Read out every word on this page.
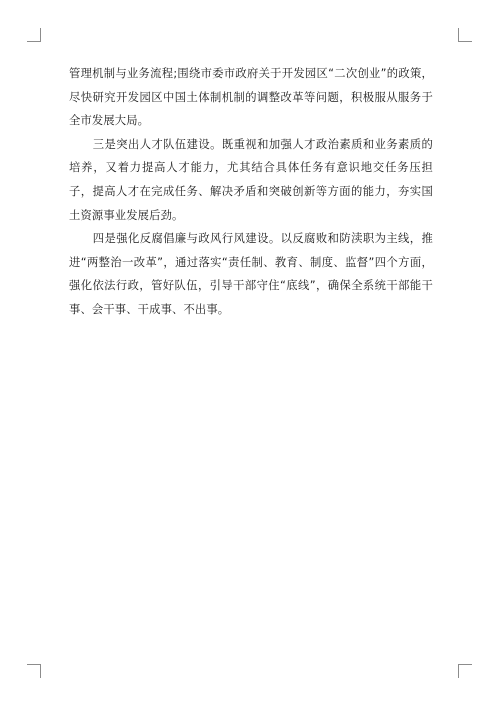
管理机制与业务流程;围绕市委市政府关于开发园区“二次创业”的政策，尽快研究开发园区中国土体制机制的调整改革等问题，积极服从服务于全市发展大局。

三是突出人才队伍建设。既重视和加强人才政治素质和业务素质的培养，又着力提高人才能力，尤其结合具体任务有意识地交任务压担子，提高人才在完成任务、解决矛盾和突破创新等方面的能力，夯实国土资源事业发展后劲。

四是强化反腐倡廉与政风行风建设。以反腐败和防渎职为主线，推进“两整治一改革”，通过落实“责任制、教育、制度、监督”四个方面，强化依法行政，管好队伍，引导干部守住“底线”，确保全系统干部能干事、会干事、干成事、不出事。
